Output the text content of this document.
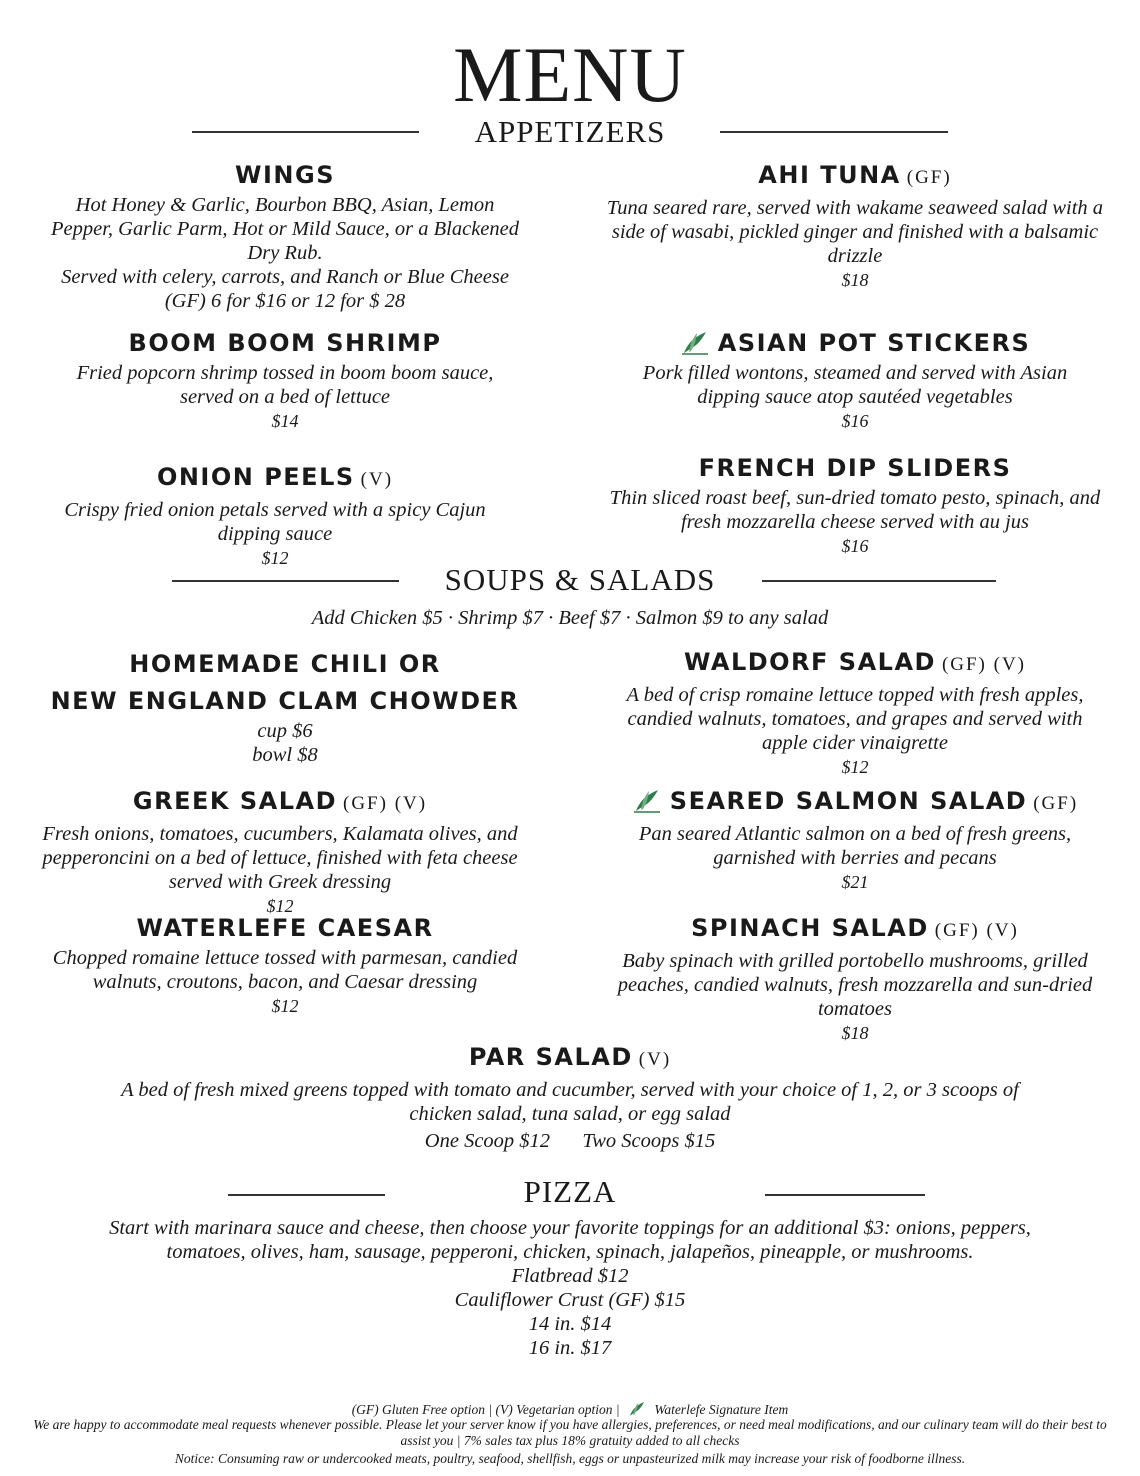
MENU
APPETIZERS
WINGS
Hot Honey & Garlic, Bourbon BBQ, Asian, Lemon Pepper, Garlic Parm, Hot or Mild Sauce, or a Blackened Dry Rub.
Served with celery, carrots, and Ranch or Blue Cheese
(GF) 6 for $16 or 12 for $ 28
AHI TUNA (GF)
Tuna seared rare, served with wakame seaweed salad with a side of wasabi, pickled ginger and finished with a balsamic drizzle
$18
BOOM BOOM SHRIMP
Fried popcorn shrimp tossed in boom boom sauce, served on a bed of lettuce
$14
ASIAN POT STICKERS
Pork filled wontons, steamed and served with Asian dipping sauce atop sautéed vegetables
$16
ONION PEELS (V)
Crispy fried onion petals served with a spicy Cajun dipping sauce
$12
FRENCH DIP SLIDERS
Thin sliced roast beef, sun-dried tomato pesto, spinach, and fresh mozzarella cheese served with au jus
$16
SOUPS & SALADS
Add Chicken $5 · Shrimp $7 · Beef $7 · Salmon $9 to any salad
HOMEMADE CHILI OR
NEW ENGLAND CLAM CHOWDER
cup $6
bowl $8
WALDORF SALAD (GF) (V)
A bed of crisp romaine lettuce topped with fresh apples, candied walnuts, tomatoes, and grapes and served with apple cider vinaigrette
$12
GREEK SALAD (GF) (V)
Fresh onions, tomatoes, cucumbers, Kalamata olives, and pepperoncini on a bed of lettuce, finished with feta cheese served with Greek dressing
$12
SEARED SALMON SALAD (GF)
Pan seared Atlantic salmon on a bed of fresh greens, garnished with berries and pecans
$21
WATERLEFE CAESAR
Chopped romaine lettuce tossed with parmesan, candied walnuts, croutons, bacon, and Caesar dressing
$12
SPINACH SALAD (GF) (V)
Baby spinach with grilled portobello mushrooms, grilled peaches, candied walnuts, fresh mozzarella and sun-dried tomatoes
$18
PAR SALAD (V)
A bed of fresh mixed greens topped with tomato and cucumber, served with your choice of 1, 2, or 3 scoops of chicken salad, tuna salad, or egg salad
One Scoop $12 Two Scoops $15
PIZZA
Start with marinara sauce and cheese, then choose your favorite toppings for an additional $3: onions, peppers, tomatoes, olives, ham, sausage, pepperoni, chicken, spinach, jalapeños, pineapple, or mushrooms.
Flatbread $12
Cauliflower Crust (GF) $15
14 in. $14
16 in. $17
(GF) Gluten Free option | (V) Vegetarian option |	Waterlefe Signature Item
We are happy to accommodate meal requests whenever possible. Please let your server know if you have allergies, preferences, or need meal modifications, and our culinary team will do their best to assist you | 7% sales tax plus 18% gratuity added to all checks
Notice: Consuming raw or undercooked meats, poultry, seafood, shellfish, eggs or unpasteurized milk may increase your risk of foodborne illness.
